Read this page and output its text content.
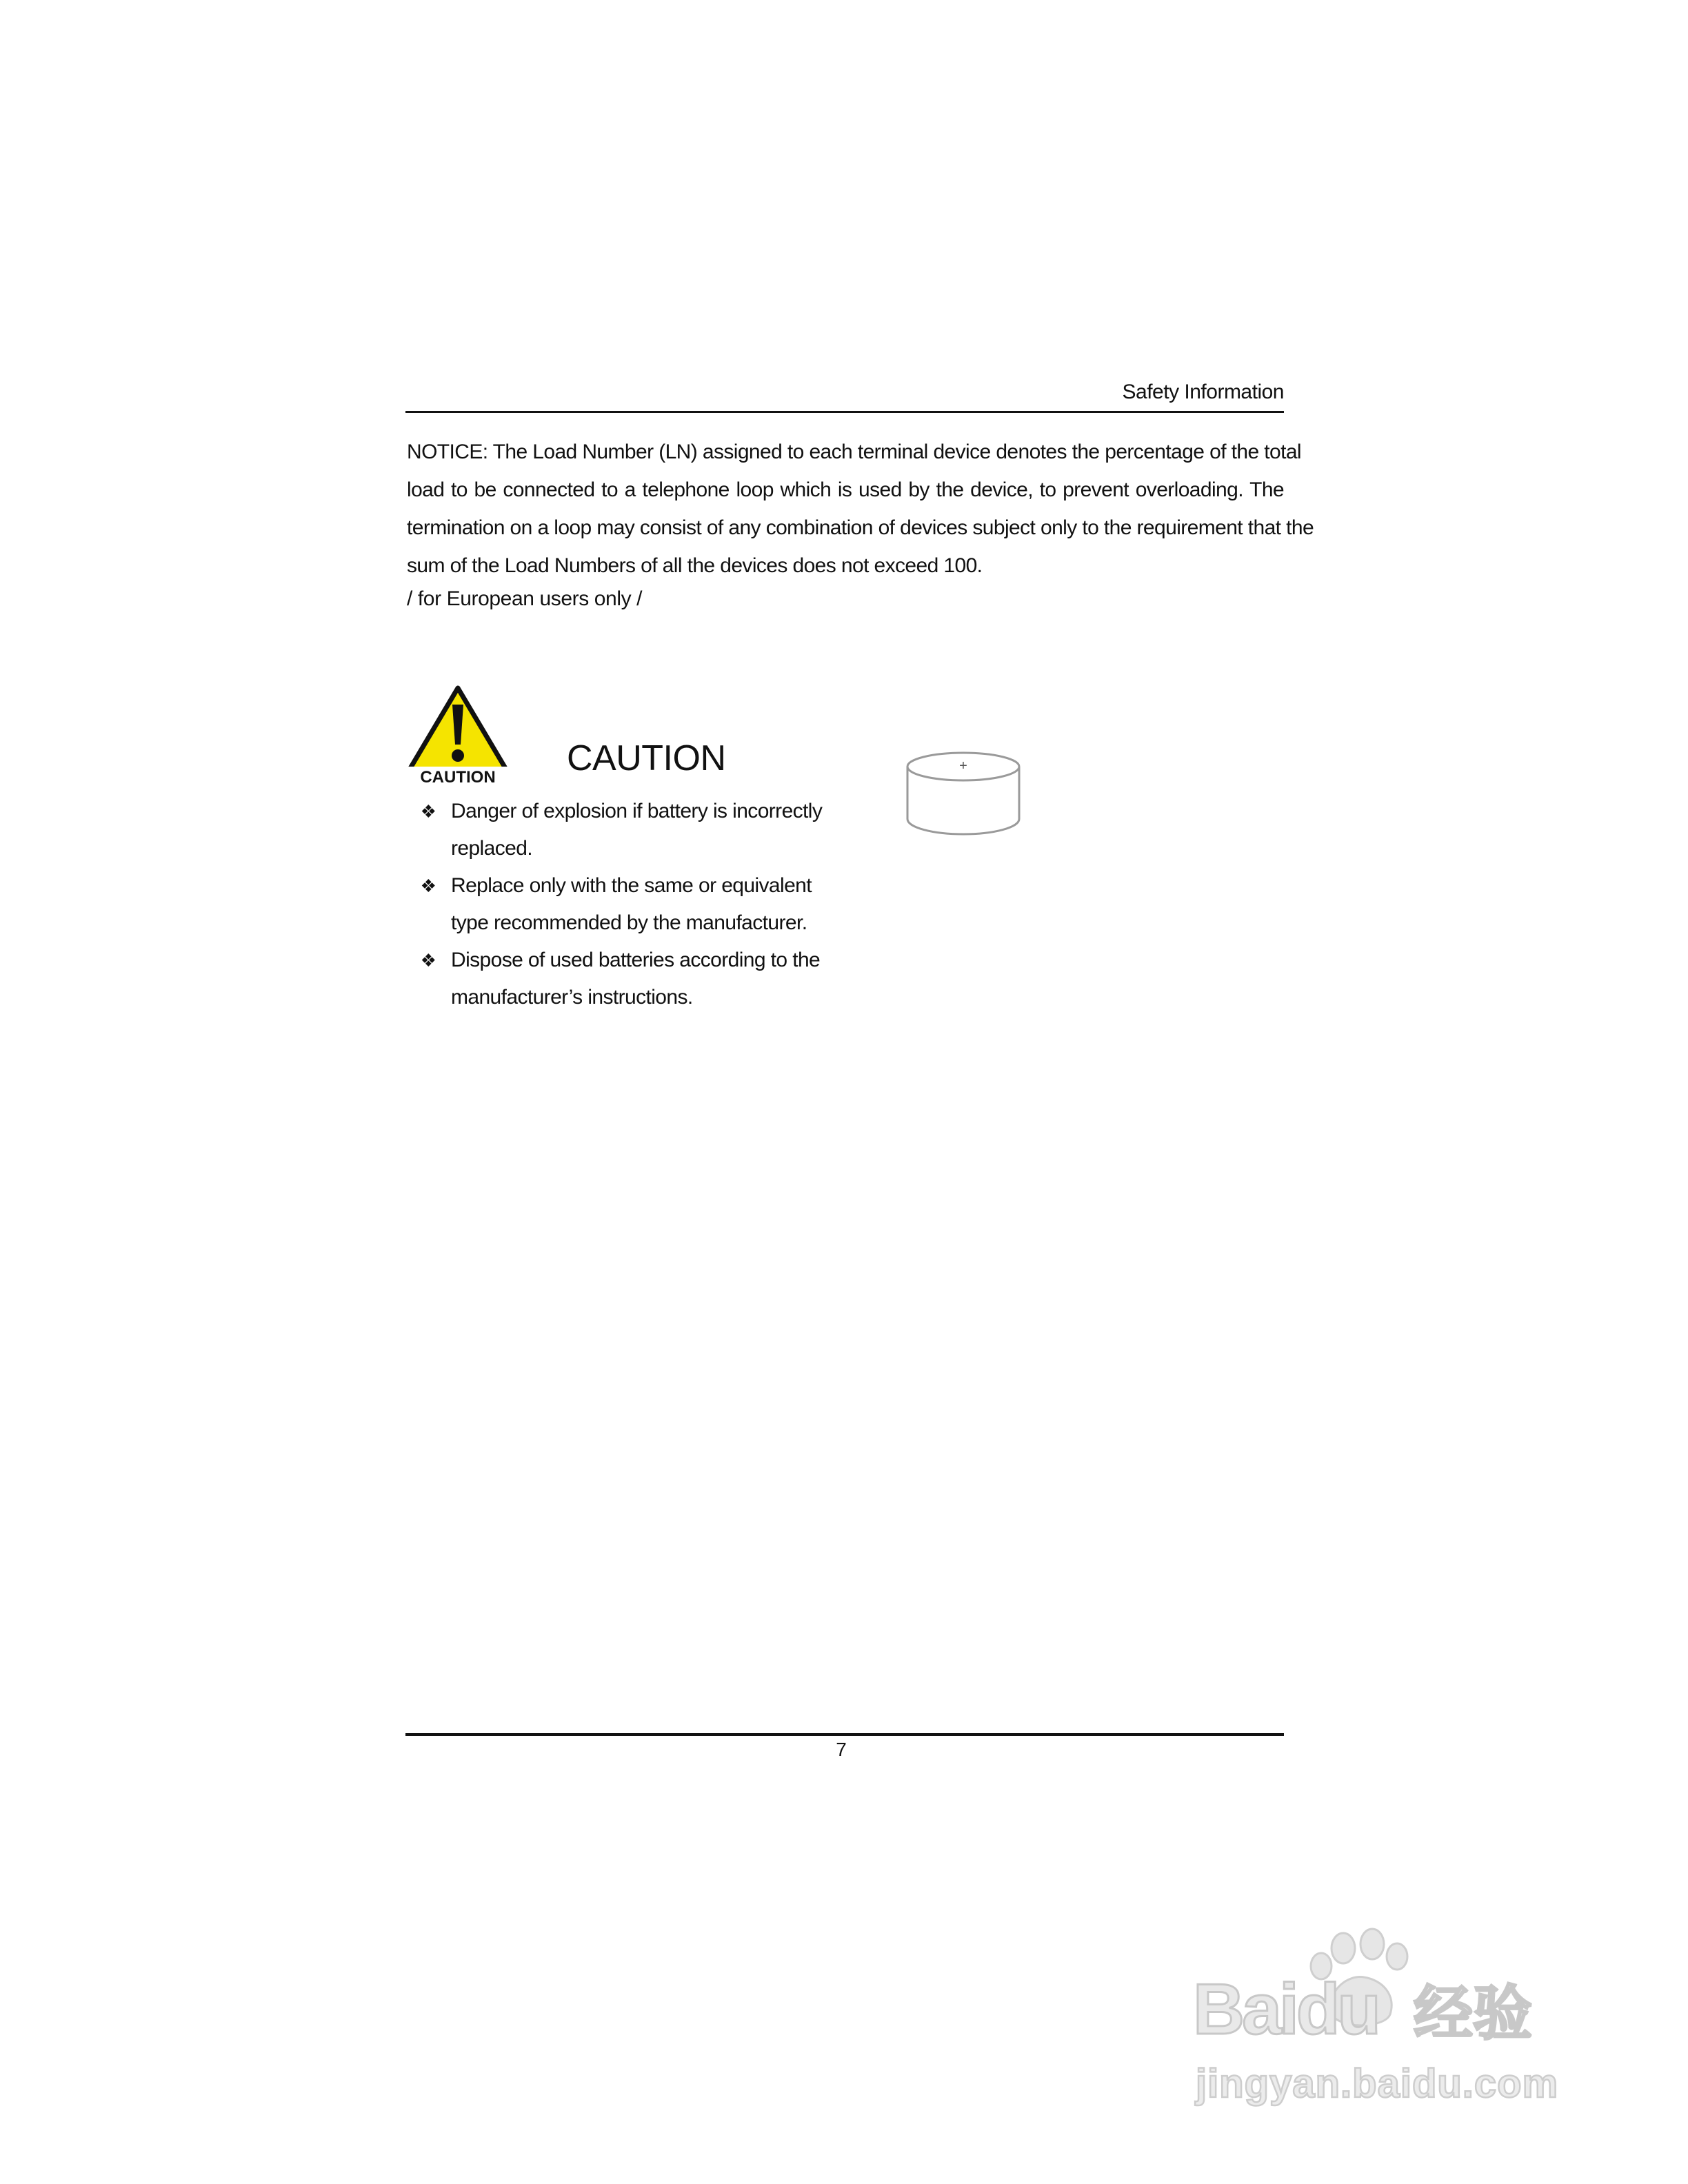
Safety Information
NOTICE: The Load Number (LN) assigned to each terminal device denotes the percentage of the total
load to be connected to a telephone loop which is used by the device, to prevent overloading. The
termination on a loop may consist of any combination of devices subject only to the requirement that the
sum of the Load Numbers of all the devices does not exceed 100.
/ for European users only /
CAUTION CAUTION
❖ Danger of explosion if battery is incorrectly
replaced.
❖ Replace only with the same or equivalent
type recommended by the manufacturer.
❖ Dispose of used batteries according to the
manufacturer’s instructions.
+
7
Baidu 经验
jingyan.baidu.com
